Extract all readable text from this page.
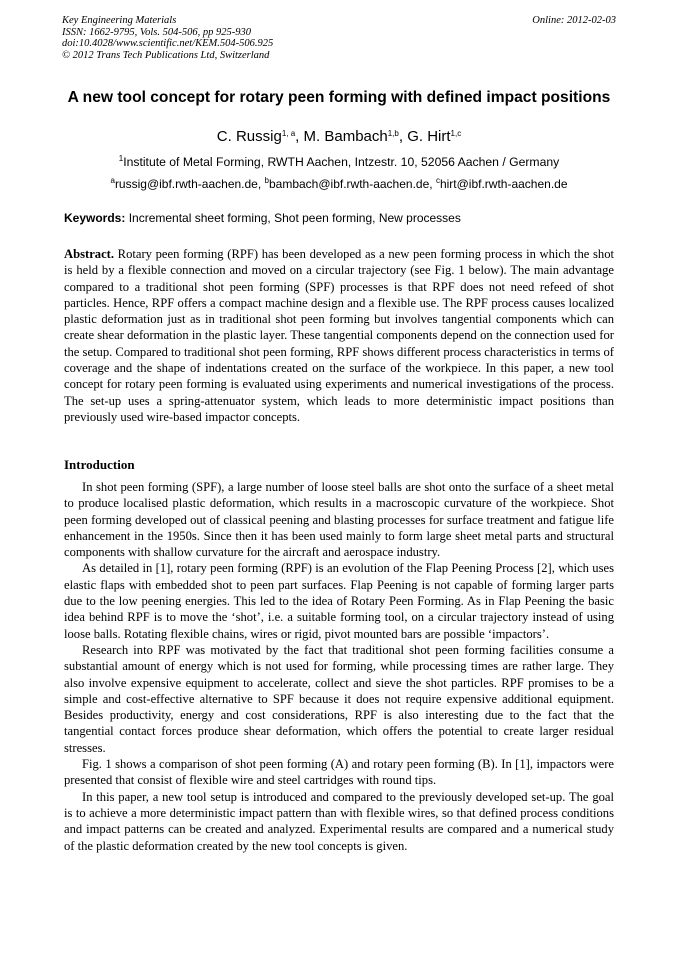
Key Engineering Materials
ISSN: 1662-9795, Vols. 504-506, pp 925-930
doi:10.4028/www.scientific.net/KEM.504-506.925
© 2012 Trans Tech Publications Ltd, Switzerland
Online: 2012-02-03
A new tool concept for rotary peen forming with defined impact positions
C. Russig$^{1, a}$, M. Bambach$^{1,b}$, G. Hirt$^{1,c}$
$^1$Institute of Metal Forming, RWTH Aachen, Intzestr. 10, 52056 Aachen / Germany
$^a$russig@ibf.rwth-aachen.de, $^b$bambach@ibf.rwth-aachen.de, $^c$hirt@ibf.rwth-aachen.de
Keywords: Incremental sheet forming, Shot peen forming, New processes
Abstract. Rotary peen forming (RPF) has been developed as a new peen forming process in which the shot is held by a flexible connection and moved on a circular trajectory (see Fig. 1 below). The main advantage compared to a traditional shot peen forming (SPF) processes is that RPF does not need refeed of shot particles. Hence, RPF offers a compact machine design and a flexible use. The RPF process causes localized plastic deformation just as in traditional shot peen forming but involves tangential components which can create shear deformation in the plastic layer. These tangential components depend on the connection used for the setup. Compared to traditional shot peen forming, RPF shows different process characteristics in terms of coverage and the shape of indentations created on the surface of the workpiece. In this paper, a new tool concept for rotary peen forming is evaluated using experiments and numerical investigations of the process. The set-up uses a spring-attenuator system, which leads to more deterministic impact positions than previously used wire-based impactor concepts.
Introduction

In shot peen forming (SPF), a large number of loose steel balls are shot onto the surface of a sheet metal to produce localised plastic deformation, which results in a macroscopic curvature of the workpiece. Shot peen forming developed out of classical peening and blasting processes for surface treatment and fatigue life enhancement in the 1950s. Since then it has been used mainly to form large sheet metal parts and structural components with shallow curvature for the aircraft and aerospace industry.

As detailed in [1], rotary peen forming (RPF) is an evolution of the Flap Peening Process [2], which uses elastic flaps with embedded shot to peen part surfaces. Flap Peening is not capable of forming larger parts due to the low peening energies. This led to the idea of Rotary Peen Forming. As in Flap Peening the basic idea behind RPF is to move the ‘shot’, i.e. a suitable forming tool, on a circular trajectory instead of using loose balls. Rotating flexible chains, wires or rigid, pivot mounted bars are possible ‘impactors’.

Research into RPF was motivated by the fact that traditional shot peen forming facilities consume a substantial amount of energy which is not used for forming, while processing times are rather large. They also involve expensive equipment to accelerate, collect and sieve the shot particles. RPF promises to be a simple and cost-effective alternative to SPF because it does not require expensive additional equipment. Besides productivity, energy and cost considerations, RPF is also interesting due to the fact that the tangential contact forces produce shear deformation, which offers the potential to create larger residual stresses.

Fig. 1 shows a comparison of shot peen forming (A) and rotary peen forming (B). In [1], impactors were presented that consist of flexible wire and steel cartridges with round tips.

In this paper, a new tool setup is introduced and compared to the previously developed set-up. The goal is to achieve a more deterministic impact pattern than with flexible wires, so that defined process conditions and impact patterns can be created and analyzed. Experimental results are compared and a numerical study of the plastic deformation created by the new tool concepts is given.
